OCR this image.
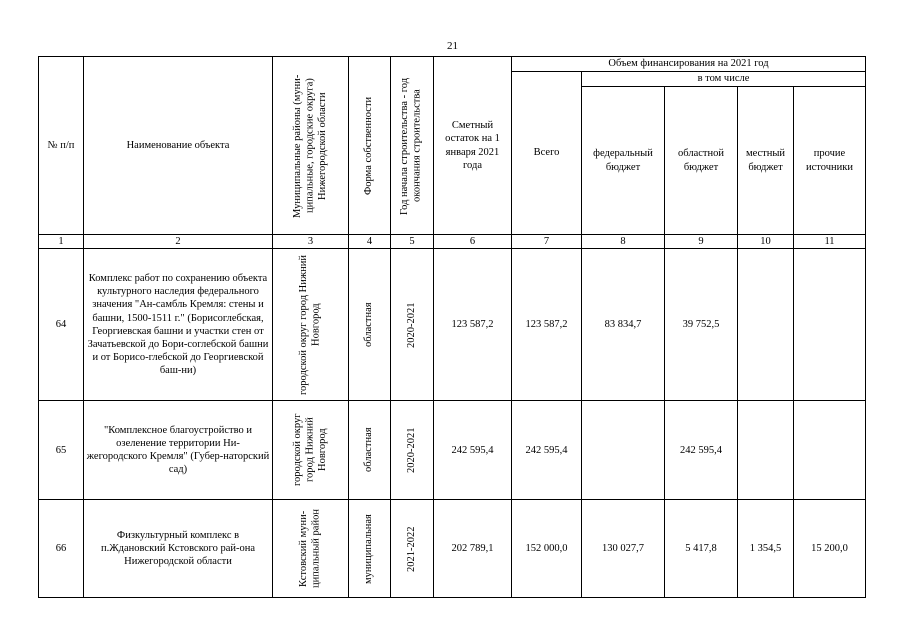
21
№ п/п	Наименование объекта	Муниципальные районы (муни-ципальные, городские округа) Нижегородской области	Форма собственности	Год начала строительства - год окончания строительства	Сметный остаток на 1 января 2021 года	Объем финансирования на 2021 год				
						Всего	в том числе			
							федеральный бюджет	областной бюджет	местный бюджет	прочие источники
1	2	3	4	5	6	7	8	9	10	11
64	Комплекс работ по сохранению объекта культурного наследия федерального значения "Ан-самбль Кремля: стены и башни, 1500-1511 г." (Борисоглебская, Георгиевская башни и участки стен от Зачатьевской до Бори-соглебской башни и от Борисо-глебской до Георгиевской баш-ни)	городской округ город Нижний Новгород	областная	2020-2021	123 587,2	123 587,2	83 834,7	39 752,5		
65	"Комплексное благоустройство и озеленение территории Ни-жегородского Кремля" (Губер-наторский сад)	городской округ город Нижний Новгород	областная	2020-2021	242 595,4	242 595,4		242 595,4		
66	Физкультурный комплекс в п.Ждановский Кстовского рай-она Нижегородской области	Кстовский муни-ципальный район	муниципальная	2021-2022	202 789,1	152 000,0	130 027,7	5 417,8	1 354,5	15 200,0
